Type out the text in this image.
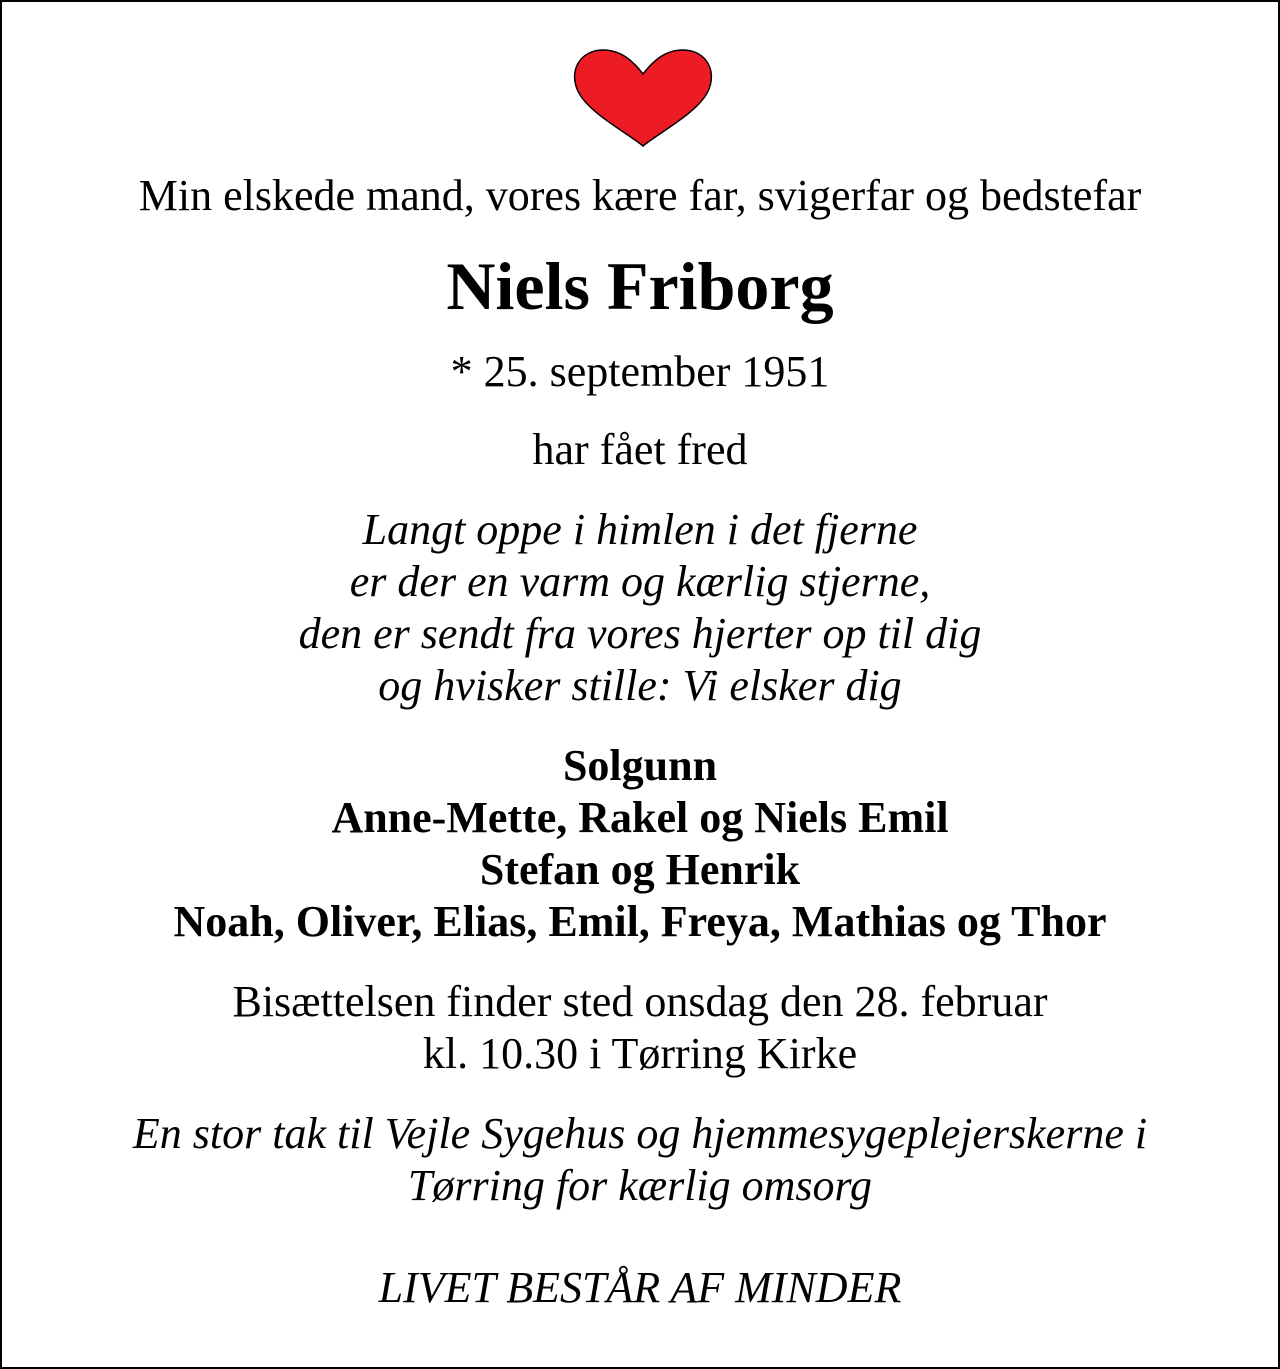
Min elskede mand, vores kære far, svigerfar og bedstefar
Niels Friborg
* 25. september 1951
har fået fred
Langt oppe i himlen i det fjerne
er der en varm og kærlig stjerne,
den er sendt fra vores hjerter op til dig
og hvisker stille: Vi elsker dig
Solgunn
Anne-Mette, Rakel og Niels Emil
Stefan og Henrik
Noah, Oliver, Elias, Emil, Freya, Mathias og Thor
Bisættelsen finder sted onsdag den 28. februar
kl. 10.30 i Tørring Kirke
En stor tak til Vejle Sygehus og hjemmesygeplejerskerne i
Tørring for kærlig omsorg
LIVET BESTÅR AF MINDER
